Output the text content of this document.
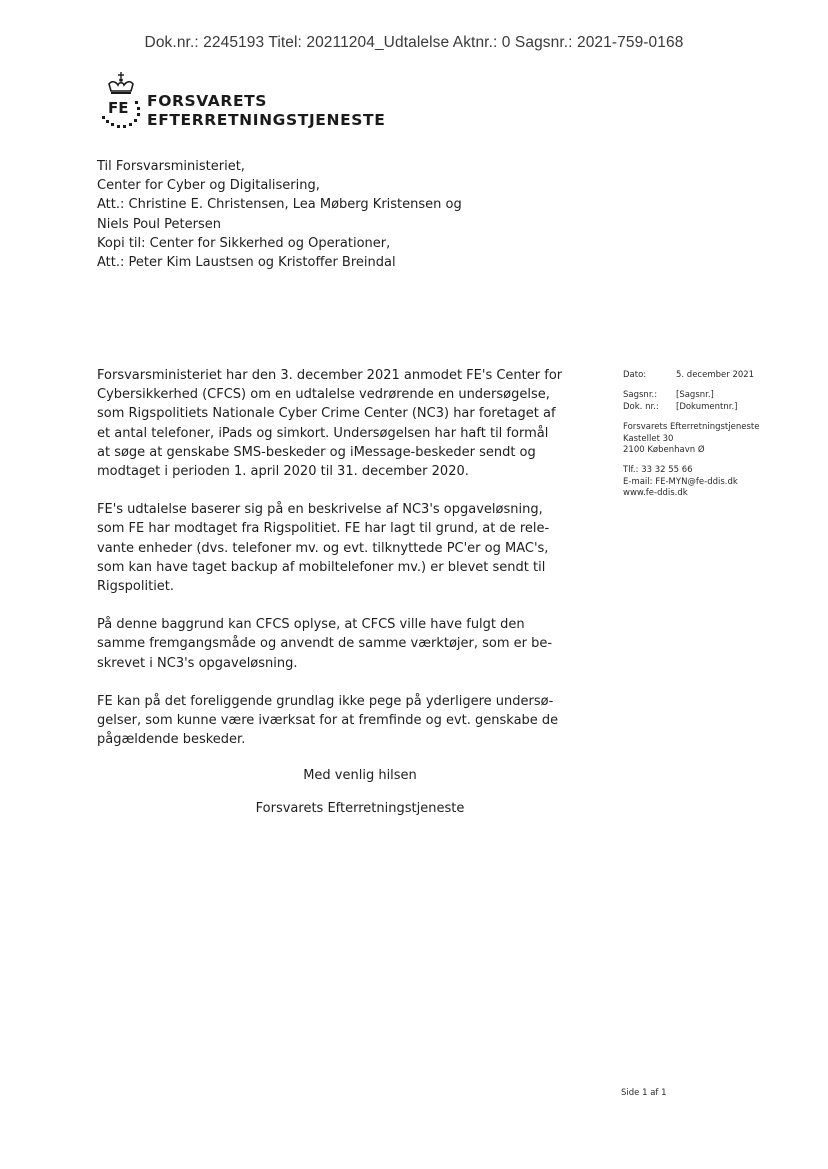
Dok.nr.: 2245193 Titel: 20211204_Udtalelse Aktnr.: 0 Sagsnr.: 2021-759-0168
FE FORSVARETS
EFTERRETNINGSTJENESTE
Til Forsvarsministeriet,
Center for Cyber og Digitalisering,
Att.: Christine E. Christensen, Lea Møberg Kristensen og
Niels Poul Petersen
Kopi til: Center for Sikkerhed og Operationer,
Att.: Peter Kim Laustsen og Kristoffer Breindal

Forsvarsministeriet har den 3. december 2021 anmodet FE's Center for
Cybersikkerhed (CFCS) om en udtalelse vedrørende en undersøgelse,
som Rigspolitiets Nationale Cyber Crime Center (NC3) har foretaget af
et antal telefoner, iPads og simkort. Undersøgelsen har haft til formål
at søge at genskabe SMS-beskeder og iMessage-beskeder sendt og
modtaget i perioden 1. april 2020 til 31. december 2020.

FE's udtalelse baserer sig på en beskrivelse af NC3's opgaveløsning,
som FE har modtaget fra Rigspolitiet. FE har lagt til grund, at de rele-
vante enheder (dvs. telefoner mv. og evt. tilknyttede PC'er og MAC's,
som kan have taget backup af mobiltelefoner mv.) er blevet sendt til
Rigspolitiet.

På denne baggrund kan CFCS oplyse, at CFCS ville have fulgt den
samme fremgangsmåde og anvendt de samme værktøjer, som er be-
skrevet i NC3's opgaveløsning.

FE kan på det foreliggende grundlag ikke pege på yderligere undersø-
gelser, som kunne være iværksat for at fremfinde og evt. genskabe de
pågældende beskeder.

Dato:	5. december 2021
Sagsnr.:	[Sagsnr.]
Dok. nr.:	[Dokumentnr.]
Forsvarets Efterretningstjeneste
Kastellet 30
2100 København Ø
Tlf.: 33 32 55 66
E-mail: FE-MYN@fe-ddis.dk
www.fe-ddis.dk
Med venlig hilsen
Forsvarets Efterretningstjeneste
Side 1 af 1
